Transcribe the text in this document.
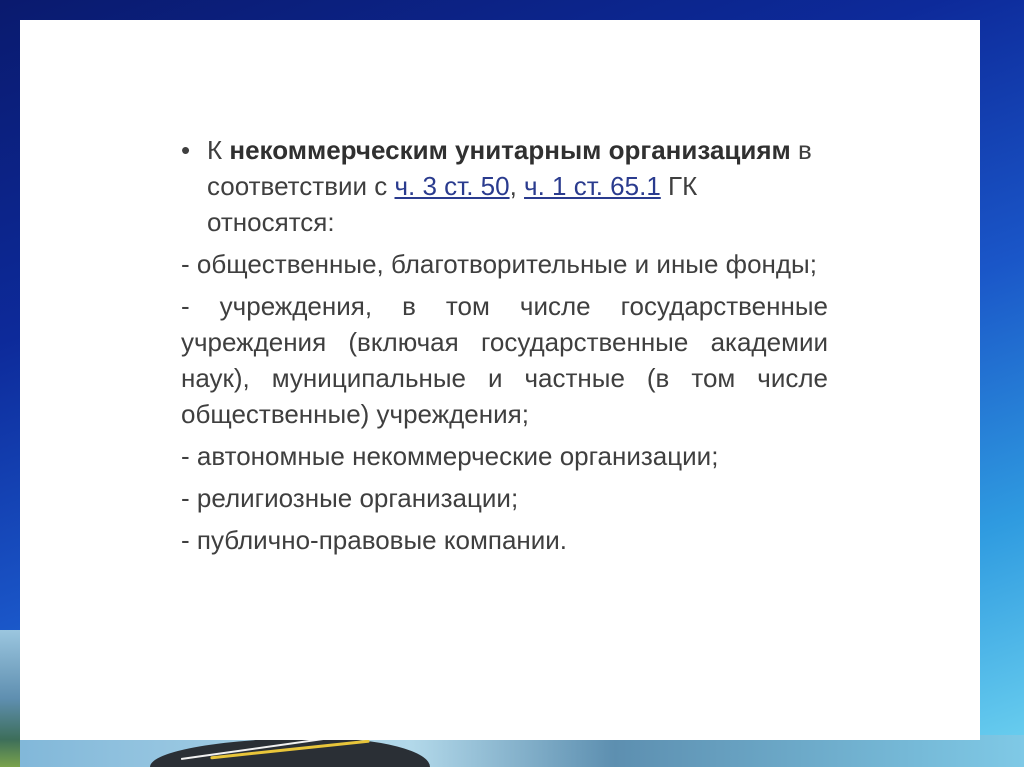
• К некоммерческим унитарным организациям в соответствии с ч. 3 ст. 50, ч. 1 ст. 65.1 ГК относятся:

- общественные, благотворительные и иные фонды;

- учреждения, в том числе государственные учреждения (включая государственные академии наук), муниципальные и частные (в том числе общественные) учреждения;

- автономные некоммерческие организации;

- религиозные организации;

- публично-правовые компании.
